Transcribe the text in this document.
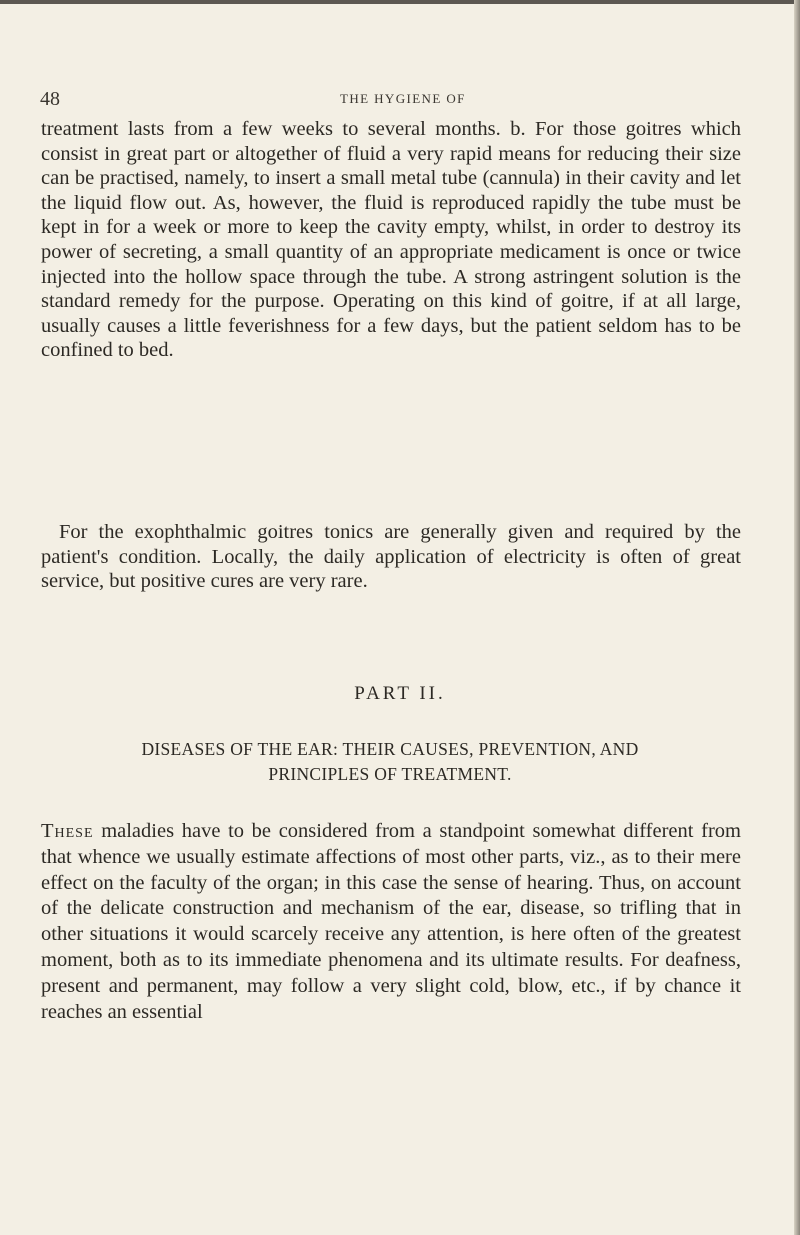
48	THE HYGIENE OF

treatment lasts from a few weeks to several months. b. For those goitres which consist in great part or altogether of fluid a very rapid means for reducing their size can be practised, namely, to insert a small metal tube (cannula) in their cavity and let the liquid flow out. As, however, the fluid is reproduced rapidly the tube must be kept in for a week or more to keep the cavity empty, whilst, in order to destroy its power of secreting, a small quantity of an appropriate medicament is once or twice injected into the hollow space through the tube. A strong astringent solution is the standard remedy for the purpose. Operating on this kind of goitre, if at all large, usually causes a little feverishness for a few days, but the patient seldom has to be confined to bed.

For the exophthalmic goitres tonics are generally given and required by the patient's condition. Locally, the daily application of electricity is often of great service, but positive cures are very rare.

PART II.
DISEASES OF THE EAR: THEIR CAUSES, PREVENTION, AND
PRINCIPLES OF TREATMENT.

These maladies have to be considered from a standpoint somewhat different from that whence we usually estimate affections of most other parts, viz., as to their mere effect on the faculty of the organ; in this case the sense of hearing. Thus, on account of the delicate construction and mechanism of the ear, disease, so trifling that in other situations it would scarcely receive any attention, is here often of the greatest moment, both as to its immediate phenomena and its ultimate results. For deafness, present and permanent, may follow a very slight cold, blow, etc., if by chance it reaches an essential
